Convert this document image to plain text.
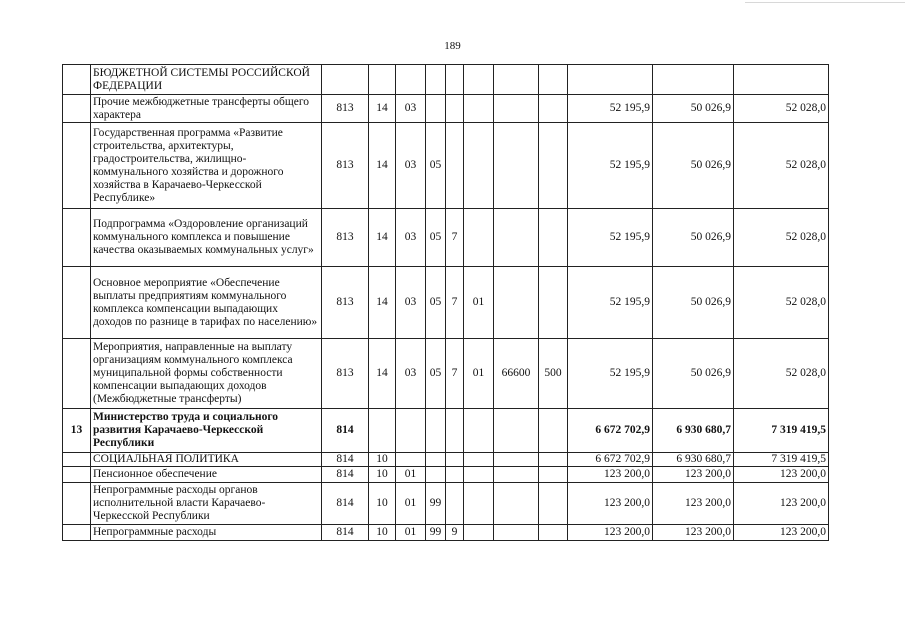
189
	БЮДЖЕТНОЙ СИСТЕМЫ РОССИЙСКОЙ ФЕДЕРАЦИИ											
	Прочие межбюджетные трансферты общего характера	813	14	03						52 195,9	50 026,9	52 028,0
	Государственная программа «Развитие строительства, архитектуры, градостроительства, жилищно-коммунального хозяйства и дорожного хозяйства в Карачаево-Черкесской Республике»	813	14	03	05					52 195,9	50 026,9	52 028,0
	Подпрограмма «Оздоровление организаций коммунального комплекса и повышение качества оказываемых коммунальных услуг»	813	14	03	05	7				52 195,9	50 026,9	52 028,0
	Основное мероприятие «Обеспечение выплаты предприятиям коммунального комплекса компенсации выпадающих доходов по разнице в тарифах по населению»	813	14	03	05	7	01			52 195,9	50 026,9	52 028,0
	Мероприятия, направленные на выплату организациям коммунального комплекса муниципальной формы собственности компенсации выпадающих доходов (Межбюджетные трансферты)	813	14	03	05	7	01	66600	500	52 195,9	50 026,9	52 028,0
13	Министерство труда и социального развития Карачаево-Черкесской Республики	814								6 672 702,9	6 930 680,7	7 319 419,5
	СОЦИАЛЬНАЯ ПОЛИТИКА	814	10							6 672 702,9	6 930 680,7	7 319 419,5
	Пенсионное обеспечение	814	10	01						123 200,0	123 200,0	123 200,0
	Непрограммные расходы органов исполнительной власти Карачаево-Черкесской Республики	814	10	01	99					123 200,0	123 200,0	123 200,0
	Непрограммные расходы	814	10	01	99	9				123 200,0	123 200,0	123 200,0
